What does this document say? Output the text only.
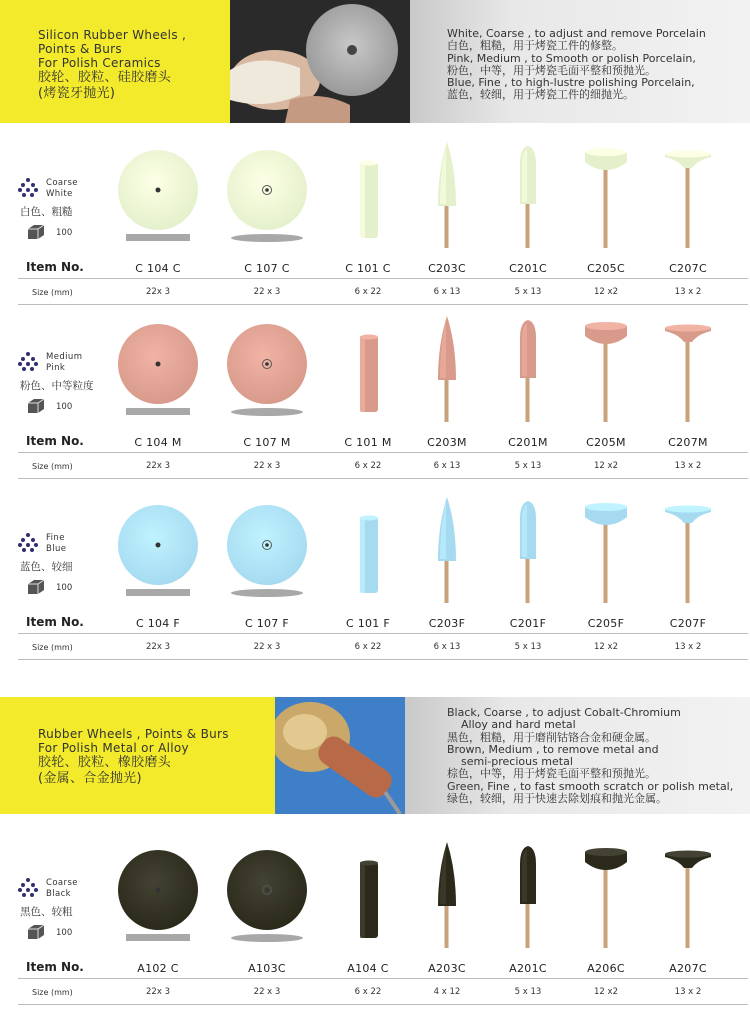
Silicon Rubber Wheels ,
Points & Burs
For Polish Ceramics
胶轮、胶粒、硅胶磨头
(烤瓷牙抛光)
White, Coarse , to adjust and remove Porcelain
白色，粗糙，用于烤瓷工件的修整。
Pink, Medium , to Smooth or polish Porcelain,
粉色，中等，用于烤瓷毛面平整和预抛光。
Blue, Fine , to high-lustre polishing Porcelain,
蓝色，较细，用于烤瓷工件的细抛光。
Rubber Wheels , Points & Burs
For Polish Metal or Alloy
胶轮、胶粒、橡胶磨头
(金属、合金抛光)
Black, Coarse , to adjust Cobalt-Chromium
Alloy and hard metal
黑色，粗糙，用于磨削钴铬合金和硬金属。
Brown, Medium , to remove metal and
semi-precious metal
棕色，中等，用于烤瓷毛面平整和预抛光。
Green, Fine , to fast smooth scratch or polish metal,
绿色，较细，用于快速去除划痕和抛光金属。
Coarse
White
白色、粗糙
100
C 104 C
22x 3
C 107 C
22 x 3
C 101 C
6 x 22
C203C
6 x 13
C201C
5 x 13
C205C
12 x2
C207C
13 x 2
Item No.
Size (mm)
Medium
Pink
粉色、中等粒度
100
C 104 M
22x 3
C 107 M
22 x 3
C 101 M
6 x 22
C203M
6 x 13
C201M
5 x 13
C205M
12 x2
C207M
13 x 2
Item No.
Size (mm)
Fine
Blue
蓝色、较细
100
C 104 F
22x 3
C 107 F
22 x 3
C 101 F
6 x 22
C203F
6 x 13
C201F
5 x 13
C205F
12 x2
C207F
13 x 2
Item No.
Size (mm)
Coarse
Black
黑色、较粗
100
A102 C
22x 3
A103C
22 x 3
A104 C
6 x 22
A203C
4 x 12
A201C
5 x 13
A206C
12 x2
A207C
13 x 2
Item No.
Size (mm)
